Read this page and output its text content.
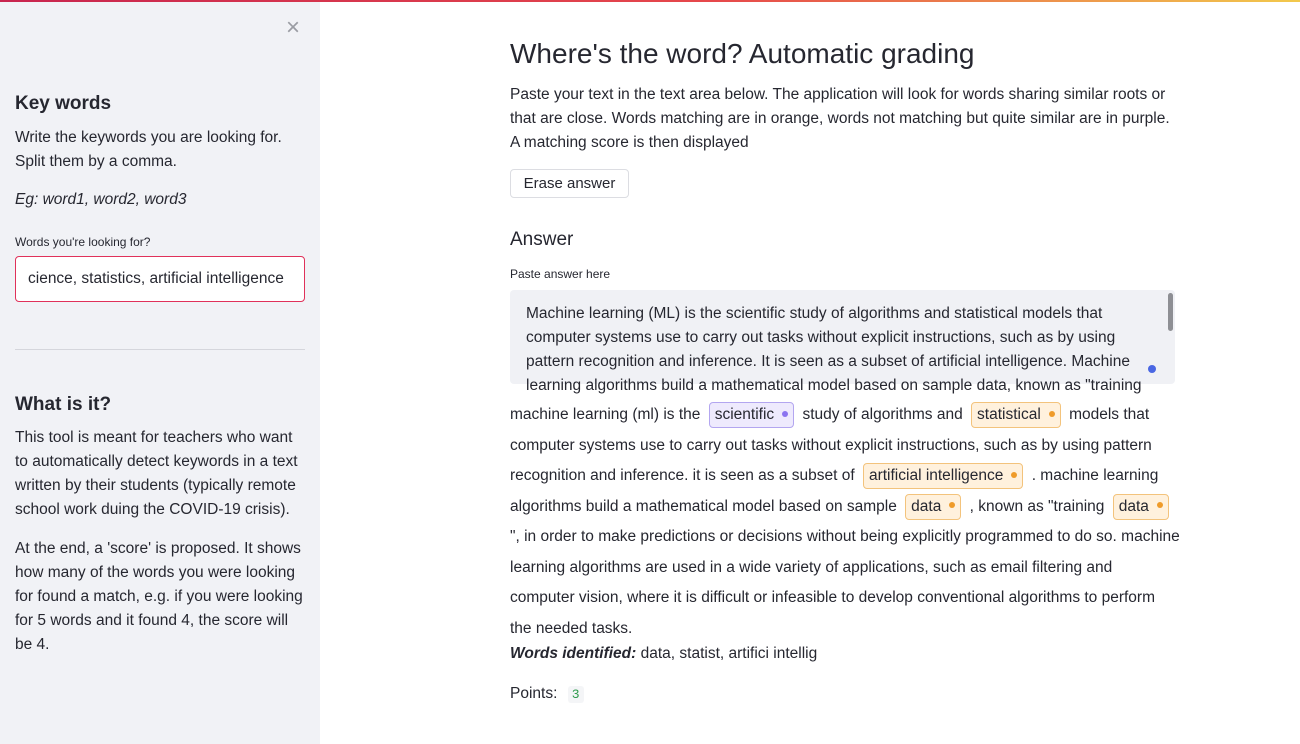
×
Key words
Write the keywords you are looking for. Split them by a comma.
Eg: word1, word2, word3
Words you're looking for?
cience, statistics, artificial intelligence
What is it?
This tool is meant for teachers who want to automatically detect keywords in a text written by their students (typically remote school work duing the COVID-19 crisis).
At the end, a 'score' is proposed. It shows how many of the words you were looking for found a match, e.g. if you were looking for 5 words and it found 4, the score will be 4.
Where's the word? Automatic grading
Paste your text in the text area below. The application will look for words sharing similar roots or that are close. Words matching are in orange, words not matching but quite similar are in purple. A matching score is then displayed
Erase answer
Answer
Paste answer here
Machine learning (ML) is the scientific study of algorithms and statistical models that computer systems use to carry out tasks without explicit instructions, such as by using pattern recognition and inference. It is seen as a subset of artificial intelligence. Machine learning algorithms build a mathematical model based on sample data, known as "training
machine learning (ml) is the scientific study of algorithms and statistical models that computer systems use to carry out tasks without explicit instructions, such as by using pattern recognition and inference. it is seen as a subset of artificial intelligence . machine learning algorithms build a mathematical model based on sample data , known as "training data ", in order to make predictions or decisions without being explicitly programmed to do so. machine learning algorithms are used in a wide variety of applications, such as email filtering and computer vision, where it is difficult or infeasible to develop conventional algorithms to perform the needed tasks.
Words identified: data, statist, artifici intellig
Points: 3
